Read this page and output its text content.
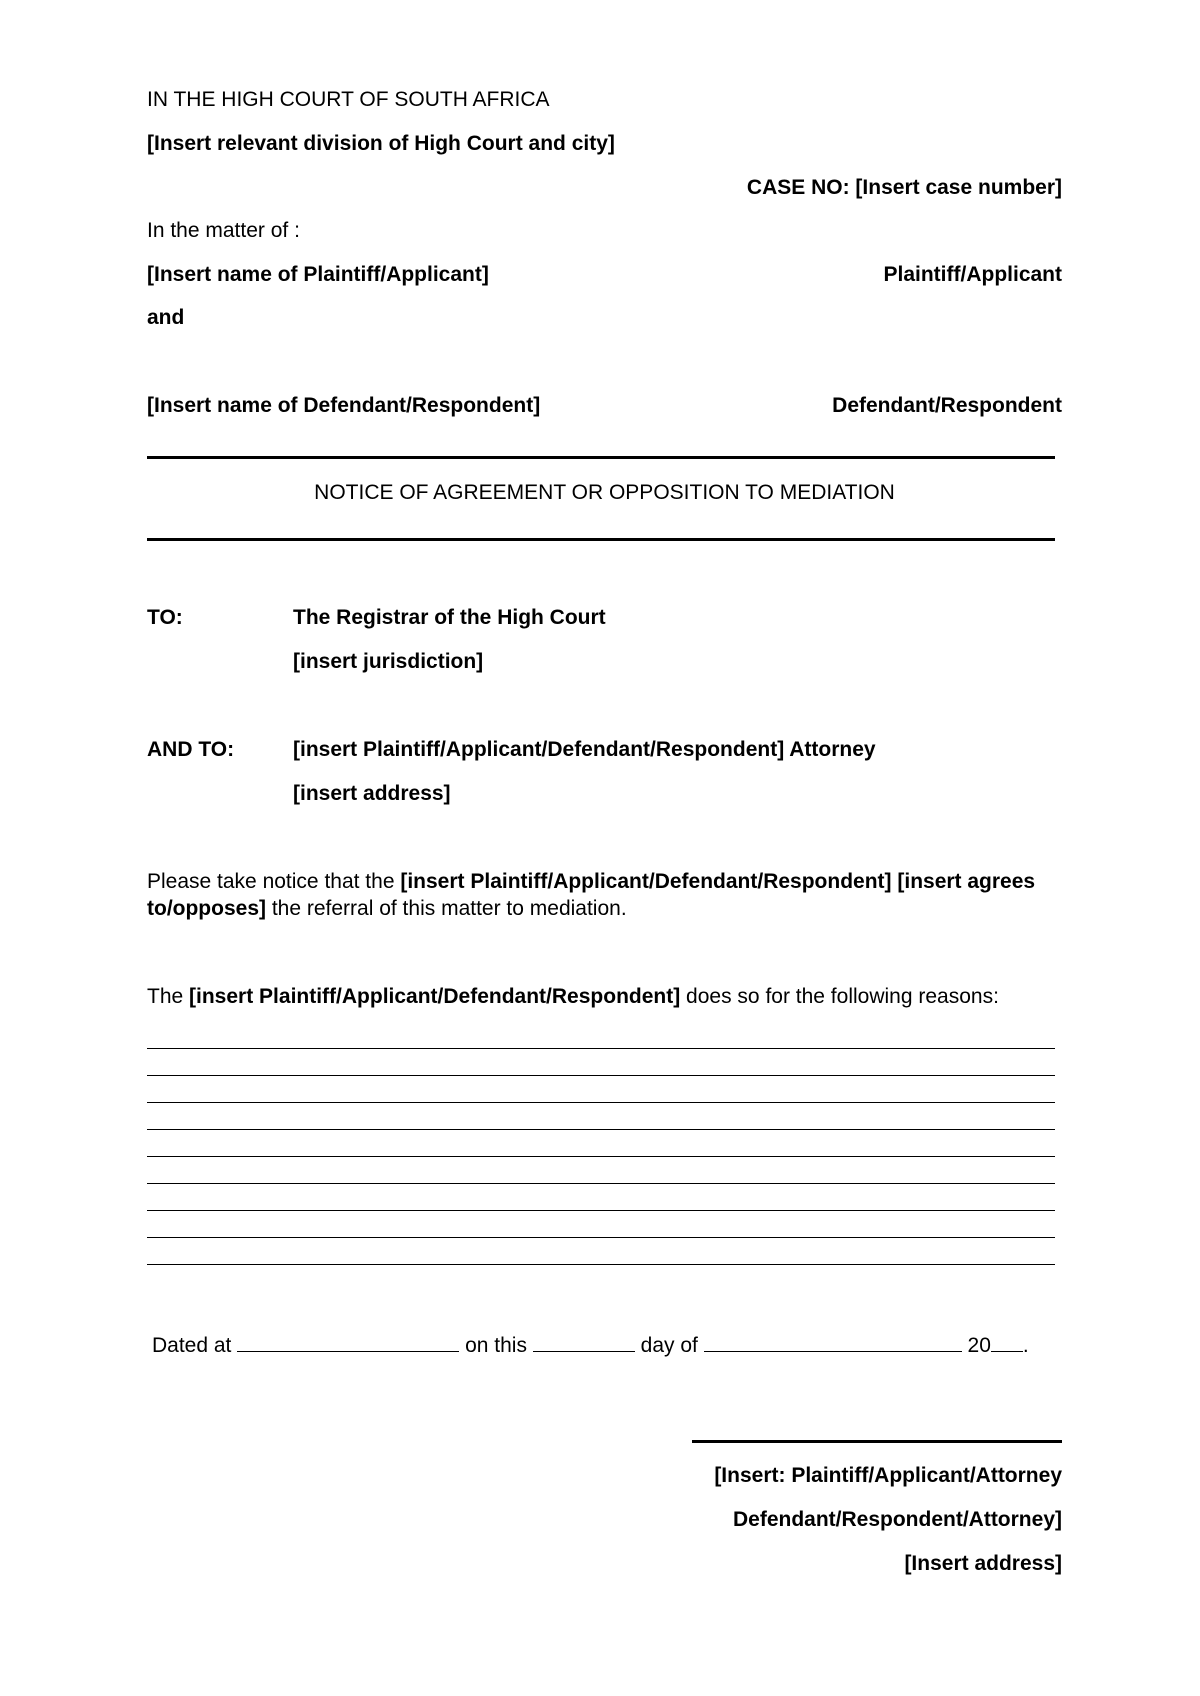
IN THE HIGH COURT OF SOUTH AFRICA
[Insert relevant division of High Court and city]
CASE NO: [Insert case number]
In the matter of :
[Insert name of Plaintiff/Applicant]	Plaintiff/Applicant
and
[Insert name of Defendant/Respondent]	Defendant/Respondent
NOTICE OF AGREEMENT OR OPPOSITION TO MEDIATION
TO:	The Registrar of the High Court
[insert jurisdiction]
AND TO:	[insert Plaintiff/Applicant/Defendant/Respondent] Attorney
[insert address]
Please take notice that the [insert Plaintiff/Applicant/Defendant/Respondent] [insert agrees to/opposes] the referral of this matter to mediation.
The [insert Plaintiff/Applicant/Defendant/Respondent] does so for the following reasons:
Dated at	on this	day of	20 .
[Insert: Plaintiff/Applicant/Attorney
Defendant/Respondent/Attorney]
[Insert address]
